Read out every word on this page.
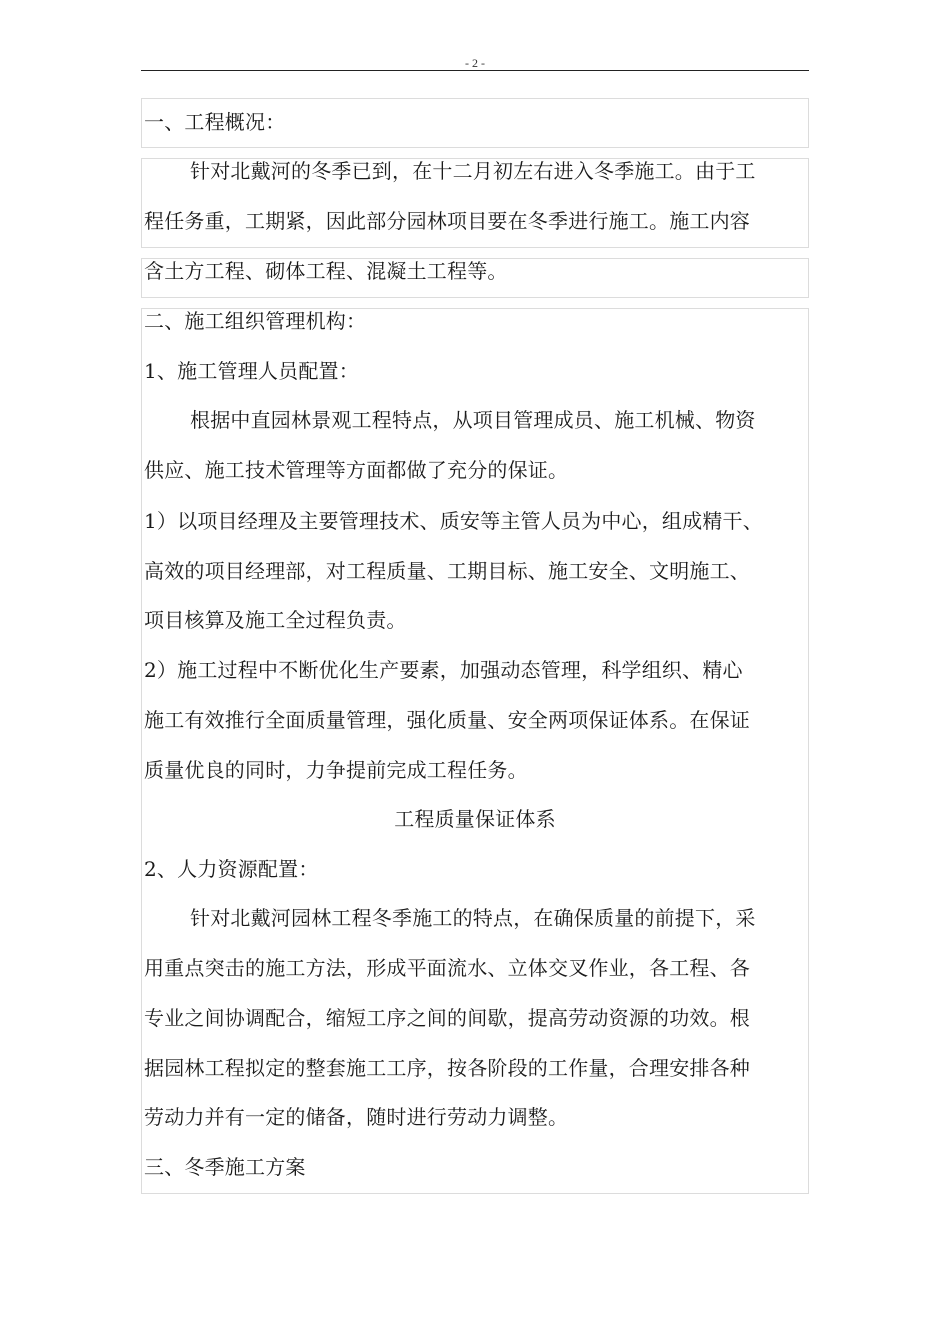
- 2 -
一、工程概况：
针对北戴河的冬季已到，在十二月初左右进入冬季施工。由于工
程任务重，工期紧，因此部分园林项目要在冬季进行施工。施工内容
含土方工程、砌体工程、混凝土工程等。
二、施工组织管理机构：
1、施工管理人员配置：
根据中直园林景观工程特点，从项目管理成员、施工机械、物资
供应、施工技术管理等方面都做了充分的保证。
1）以项目经理及主要管理技术、质安等主管人员为中心，组成精干、
高效的项目经理部，对工程质量、工期目标、施工安全、文明施工、
项目核算及施工全过程负责。
2）施工过程中不断优化生产要素，加强动态管理，科学组织、精心
施工有效推行全面质量管理，强化质量、安全两项保证体系。在保证
质量优良的同时，力争提前完成工程任务。
工程质量保证体系
2、人力资源配置：
针对北戴河园林工程冬季施工的特点，在确保质量的前提下，采
用重点突击的施工方法，形成平面流水、立体交叉作业，各工程、各
专业之间协调配合，缩短工序之间的间歇，提高劳动资源的功效。根
据园林工程拟定的整套施工工序，按各阶段的工作量，合理安排各种
劳动力并有一定的储备，随时进行劳动力调整。
三、冬季施工方案
